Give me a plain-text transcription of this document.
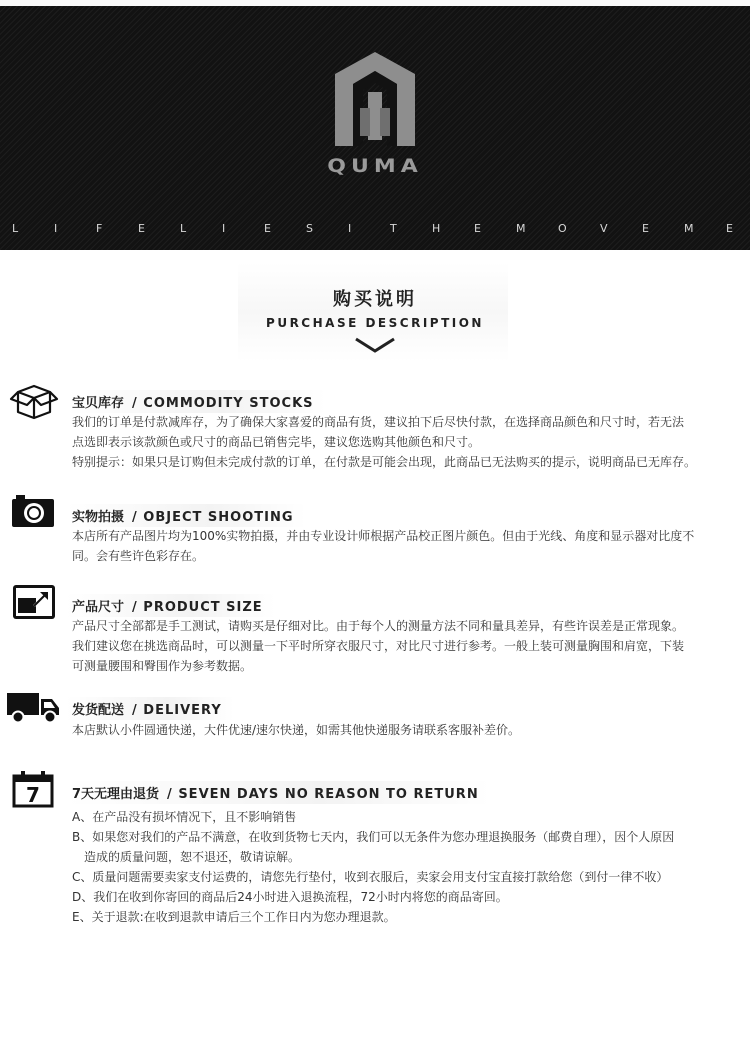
QUMA
L	I	F	E	L	I	E	S	I	T	H	E	M	O	V	E	M	E
购买说明
PURCHASE DESCRIPTION
宝贝库存 / COMMODITY STOCKS

我们的订单是付款减库存，为了确保大家喜爱的商品有货，建议拍下后尽快付款，在选择商品颜色和尺寸时，若无法

点选即表示该款颜色或尺寸的商品已销售完毕，建议您选购其他颜色和尺寸。

特别提示：如果只是订购但未完成付款的订单，在付款是可能会出现，此商品已无法购买的提示，说明商品已无库存。

实物拍摄 / OBJECT SHOOTING

本店所有产品图片均为100%实物拍摄，并由专业设计师根据产品校正图片颜色。但由于光线、角度和显示器对比度不

同。会有些许色彩存在。

产品尺寸 / PRODUCT SIZE

产品尺寸全部都是手工测试，请购买是仔细对比。由于每个人的测量方法不同和量具差异，有些许误差是正常现象。

我们建议您在挑选商品时，可以测量一下平时所穿衣服尺寸，对比尺寸进行参考。一般上装可测量胸围和肩宽，下装

可测量腰围和臀围作为参考数据。

发货配送 / DELIVERY

本店默认小件圆通快递，大件优速/速尔快递，如需其他快递服务请联系客服补差价。

7	7天无理由退货 / SEVEN DAYS NO REASON TO RETURN

A、在产品没有损坏情况下，且不影响销售

B、如果您对我们的产品不满意，在收到货物七天内，我们可以无条件为您办理退换服务（邮费自理），因个人原因

造成的质量问题，恕不退还，敬请谅解。

C、质量问题需要卖家支付运费的，请您先行垫付，收到衣服后，卖家会用支付宝直接打款给您（到付一律不收）

D、我们在收到你寄回的商品后24小时进入退换流程，72小时内将您的商品寄回。

E、关于退款:在收到退款申请后三个工作日内为您办理退款。
